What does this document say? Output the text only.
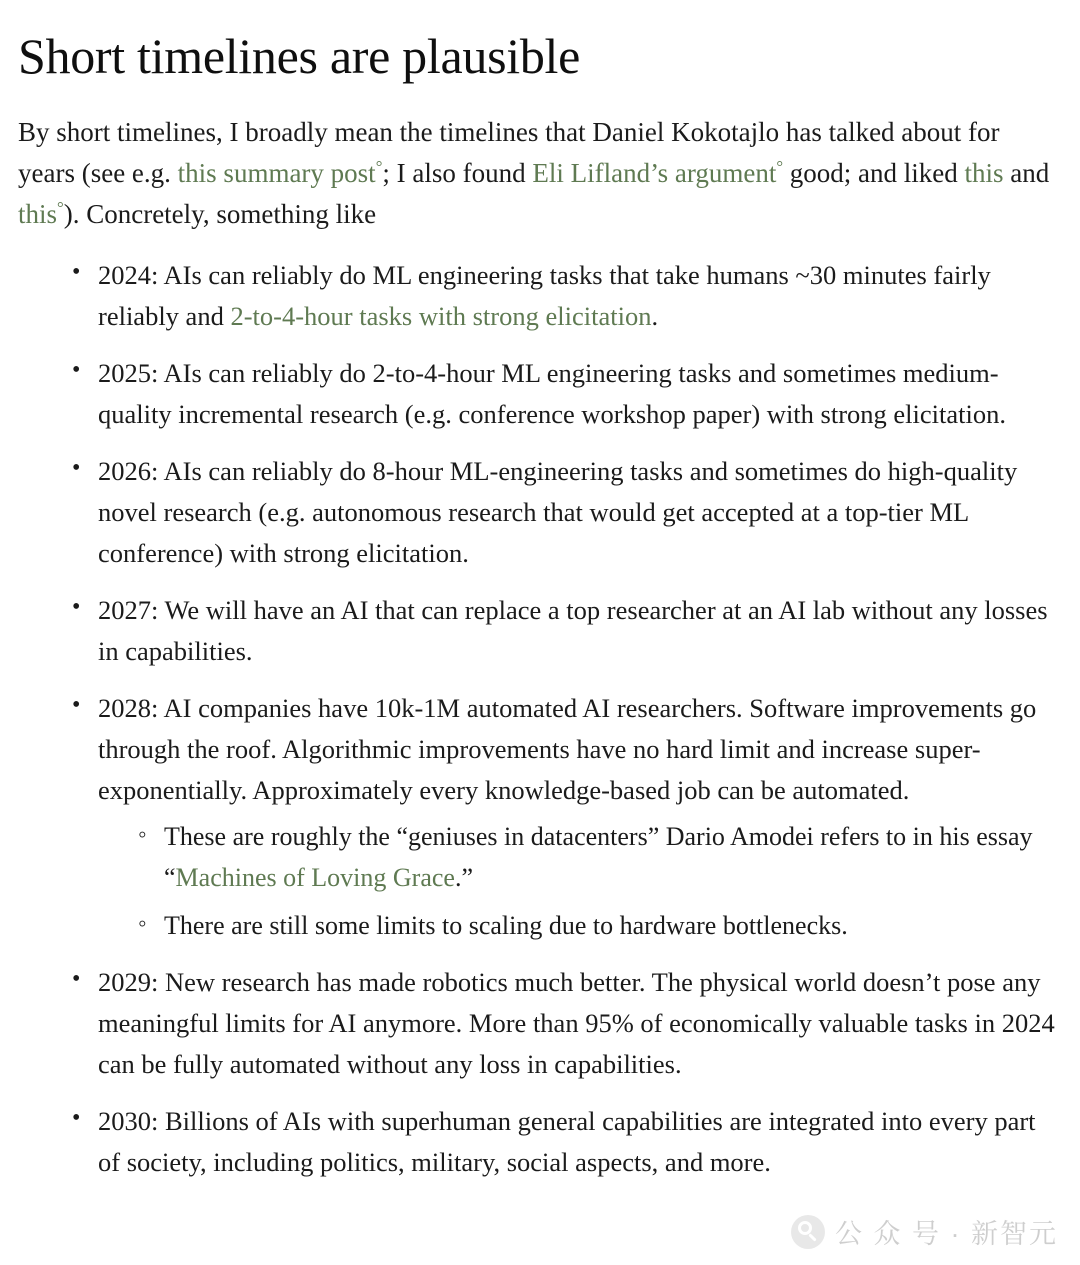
Short timelines are plausible

By short timelines, I broadly mean the timelines that Daniel Kokotajlo has talked about for years (see e.g. this summary post°; I also found Eli Lifland’s argument° good; and liked this and this°). Concretely, something like

• 2024: AIs can reliably do ML engineering tasks that take humans ~30 minutes fairly reliably and 2-to-4-hour tasks with strong elicitation.
• 2025: AIs can reliably do 2-to-4-hour ML engineering tasks and sometimes medium-quality incremental research (e.g. conference workshop paper) with strong elicitation.
• 2026: AIs can reliably do 8-hour ML-engineering tasks and sometimes do high-quality novel research (e.g. autonomous research that would get accepted at a top-tier ML conference) with strong elicitation.
• 2027: We will have an AI that can replace a top researcher at an AI lab without any losses in capabilities.
• 2028: AI companies have 10k-1M automated AI researchers. Software improvements go through the roof. Algorithmic improvements have no hard limit and increase super-exponentially. Approximately every knowledge-based job can be automated.
◦ These are roughly the “geniuses in datacenters” Dario Amodei refers to in his essay “Machines of Loving Grace.”
◦ There are still some limits to scaling due to hardware bottlenecks.
• 2029: New research has made robotics much better. The physical world doesn’t pose any meaningful limits for AI anymore. More than 95% of economically valuable tasks in 2024 can be fully automated without any loss in capabilities.
• 2030: Billions of AIs with superhuman general capabilities are integrated into every part of society, including politics, military, social aspects, and more.
公 众 号 · 新智元
